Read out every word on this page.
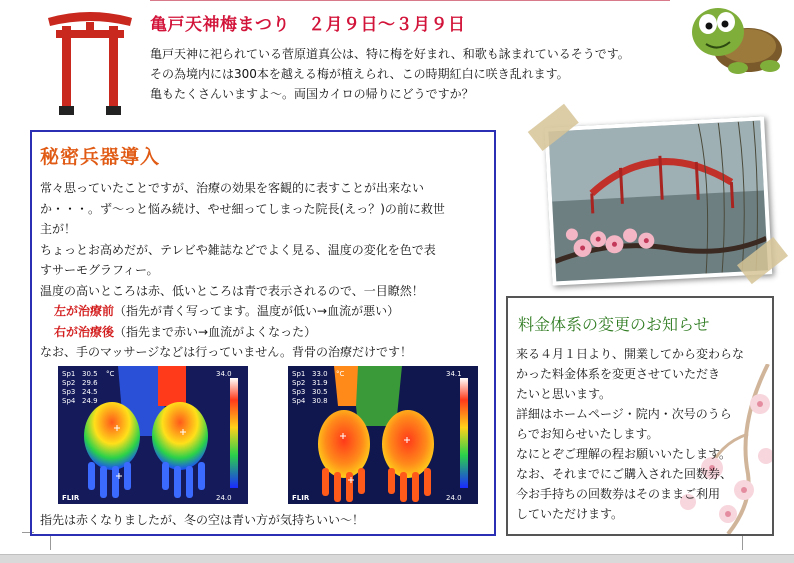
亀戸天神梅まつり ２月９日～３月９日
亀戸天神に祀られている菅原道真公は、特に梅を好まれ、和歌も詠まれているそうです。
その為境内には300本を越える梅が植えられ、この時期紅白に咲き乱れます。
亀もたくさんいますよ～。両国カイロの帰りにどうですか？
秘密兵器導入
常々思っていたことですが、治療の効果を客観的に表すことが出来ない
か・・・。ず～っと悩み続け、やせ細ってしまった院長(えっ？)の前に救世
主が！
ちょっとお高めだが、テレビや雑誌などでよく見る、温度の変化を色で表
すサーモグラフィー。
温度の高いところは赤、低いところは青で表示されるので、一目瞭然！
左が治療前（指先が青く写ってます。温度が低い→血流が悪い）
右が治療後（指先まで赤い→血流がよくなった）
なお、手のマッサージなどは行っていません。背骨の治療だけです！
Sp1
Sp2
Sp3
Sp4
30.5
29.6
24.5
24.9
°C	34.0
24.0
FLIR
Sp1
Sp2
Sp3
Sp4
33.0
31.9
30.5
30.8
°C	34.1
24.0
FLIR
指先は赤くなりましたが、冬の空は青い方が気持ちいい～！
料金体系の変更のお知らせ
来る４月１日より、開業してから変わらな
かった料金体系を変更させていただき
たいと思います。
詳細はホームページ・院内・次号のうら
らでお知らせいたします。
なにとぞご理解の程お願いいたします。
なお、それまでにご購入された回数券、
今お手持ちの回数券はそのままご利用
していただけます。
